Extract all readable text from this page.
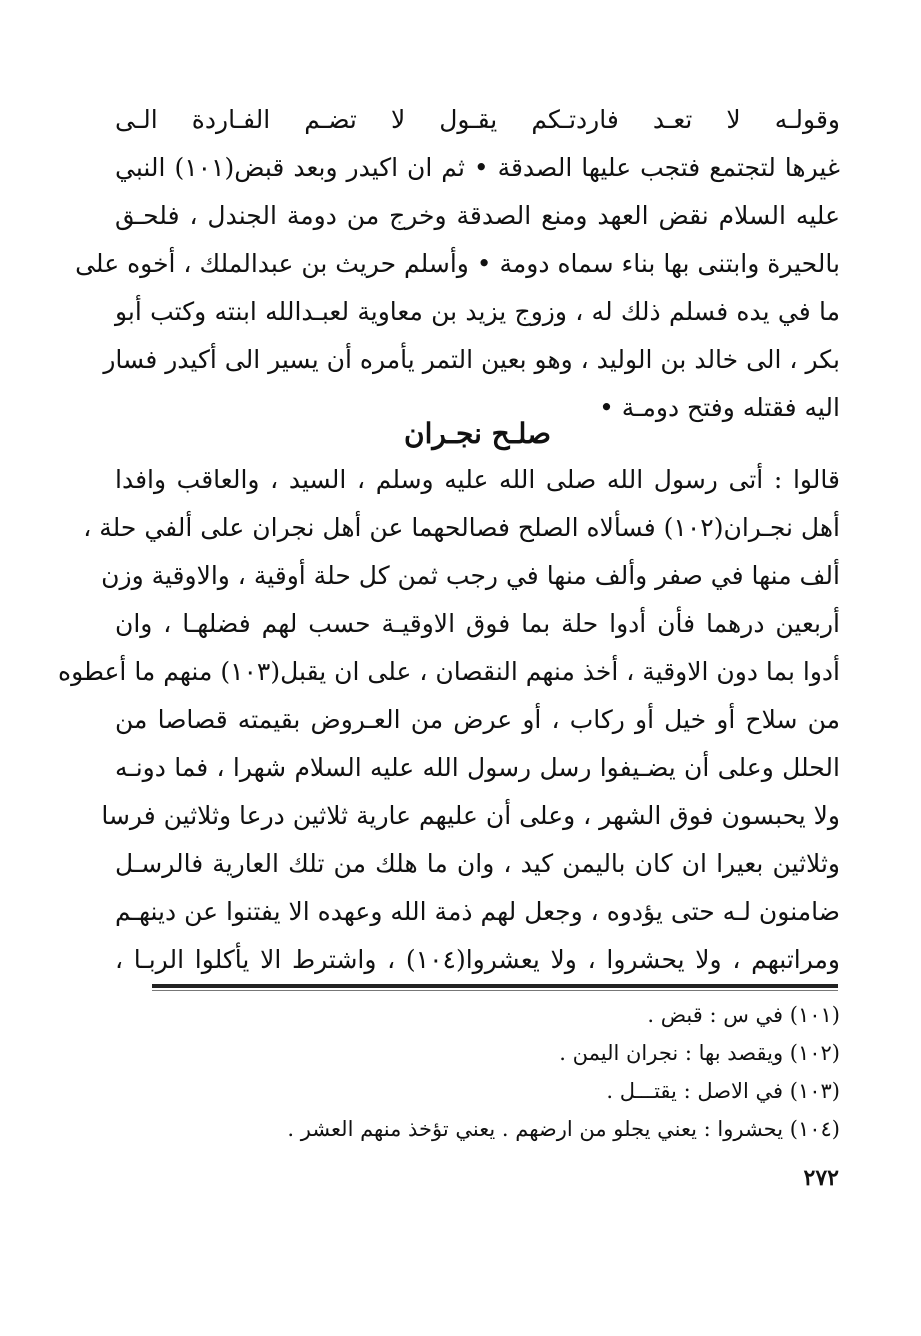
وقولـه لا تعـد فاردتـكم يقـول لا تضـم الفـاردة الـى
غيرها لتجتمع فتجب عليها الصدقة • ثم ان اكيدر وبعد قبض(١٠١) النبي
عليه السلام نقض العهد ومنع الصدقة وخرج من دومة الجندل ، فلحـق
بالحيرة وابتنى بها بناء سماه دومة • وأسلم حريث بن عبدالملك ، أخوه على
ما في يده فسلم ذلك له ، وزوج يزيد بن معاوية لعبـدالله ابنته وكتب أبو
بكر ، الى خالد بن الوليد ، وهو بعين التمر يأمره أن يسير الى أكيدر فسار
اليه فقتله وفتح دومـة •
صلـح نجـران
قالوا : أتى رسول الله صلى الله عليه وسلم ، السيد ، والعاقب وافدا
أهل نجـران(١٠٢) فسألاه الصلح فصالحهما عن أهل نجران على ألفي حلة ،
ألف منها في صفر وألف منها في رجب ثمن كل حلة أوقية ، والاوقية وزن
أربعين درهما فأن أدوا حلة بما فوق الاوقيـة حسب لهم فضلهـا ، وان
أدوا بما دون الاوقية ، أخذ منهم النقصان ، على ان يقبل(١٠٣) منهم ما أعطوه
من سلاح أو خيل أو ركاب ، أو عرض من العـروض بقيمته قصاصا من
الحلل وعلى أن يضـيفوا رسل رسول الله عليه السلام شهرا ، فما دونـه
ولا يحبسون فوق الشهر ، وعلى أن عليهم عارية ثلاثين درعا وثلاثين فرسا
وثلاثين بعيرا ان كان باليمن كيد ، وان ما هلك من تلك العارية فالرسـل
ضامنون لـه حتى يؤدوه ، وجعل لهم ذمة الله وعهده الا يفتنوا عن دينهـم
ومراتبهم ، ولا يحشروا ، ولا يعشروا(١٠٤) ، واشترط الا يأكلوا الربـا ،
(١٠١) في س : قبض .
(١٠٢) ويقصد بها : نجران اليمن .
(١٠٣) في الاصل : يقتـــل .
(١٠٤) يحشروا : يعني يجلو من ارضهم . يعني تؤخذ منهم العشر .
٢٧٢
